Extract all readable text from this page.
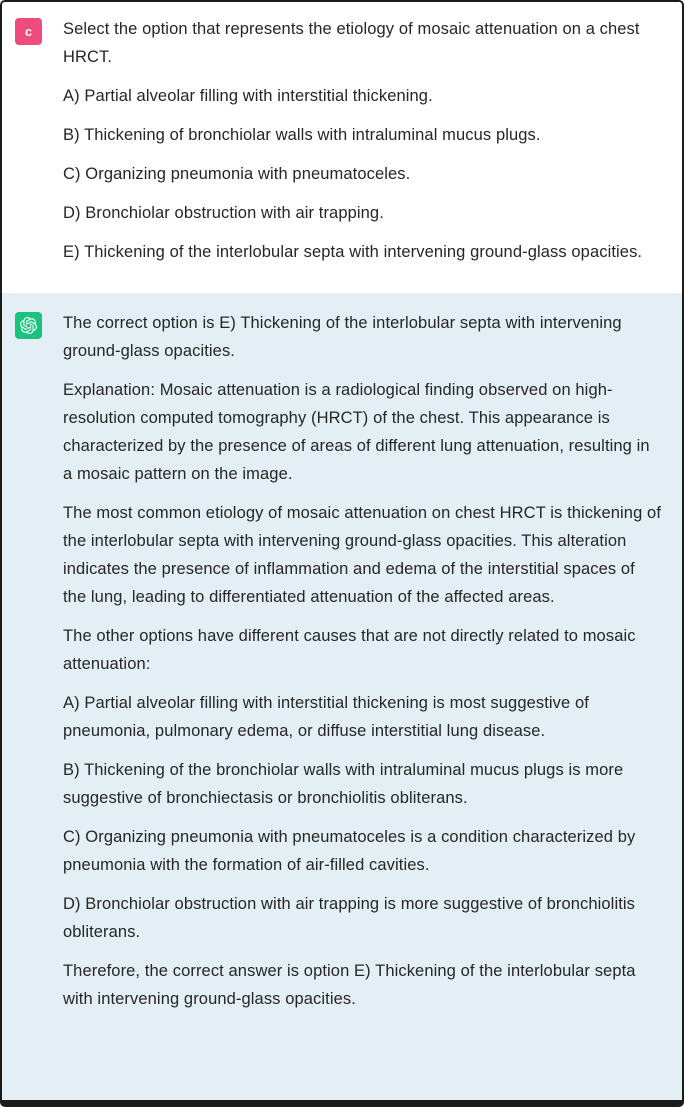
c Select the option that represents the etiology of mosaic attenuation on a chest HRCT.

A) Partial alveolar filling with interstitial thickening.

B) Thickening of bronchiolar walls with intraluminal mucus plugs.

C) Organizing pneumonia with pneumatoceles.

D) Bronchiolar obstruction with air trapping.

E) Thickening of the interlobular septa with intervening ground-glass opacities.

The correct option is E) Thickening of the interlobular septa with intervening ground-glass opacities.

Explanation: Mosaic attenuation is a radiological finding observed on high-resolution computed tomography (HRCT) of the chest. This appearance is characterized by the presence of areas of different lung attenuation, resulting in a mosaic pattern on the image.

The most common etiology of mosaic attenuation on chest HRCT is thickening of the interlobular septa with intervening ground-glass opacities. This alteration indicates the presence of inflammation and edema of the interstitial spaces of the lung, leading to differentiated attenuation of the affected areas.

The other options have different causes that are not directly related to mosaic attenuation:

A) Partial alveolar filling with interstitial thickening is most suggestive of pneumonia, pulmonary edema, or diffuse interstitial lung disease.

B) Thickening of the bronchiolar walls with intraluminal mucus plugs is more suggestive of bronchiectasis or bronchiolitis obliterans.

C) Organizing pneumonia with pneumatoceles is a condition characterized by pneumonia with the formation of air-filled cavities.

D) Bronchiolar obstruction with air trapping is more suggestive of bronchiolitis obliterans.

Therefore, the correct answer is option E) Thickening of the interlobular septa with intervening ground-glass opacities.
